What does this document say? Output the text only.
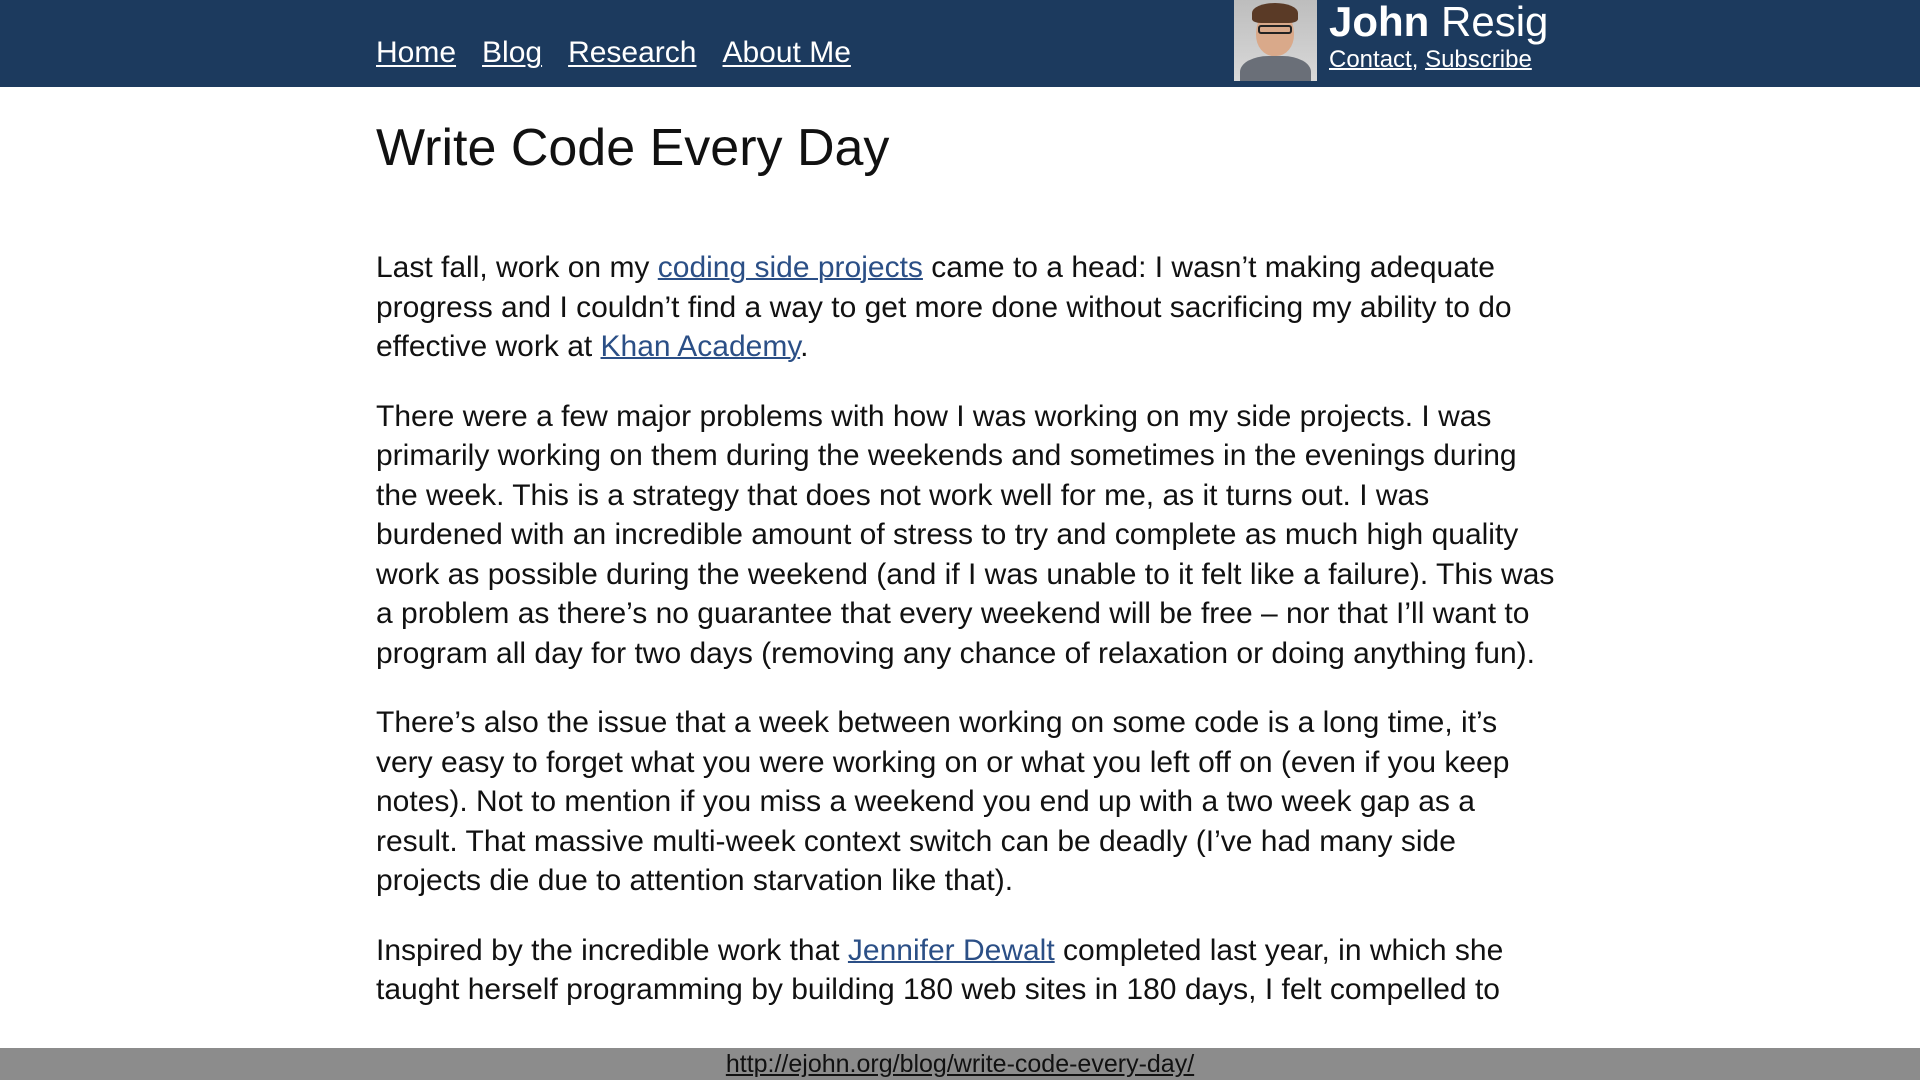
Home Blog Research About Me
John Resig
Contact, Subscribe
Write Code Every Day

Last fall, work on my coding side projects came to a head: I wasn’t making adequate progress and I couldn’t find a way to get more done without sacrificing my ability to do effective work at Khan Academy.

There were a few major problems with how I was working on my side projects. I was primarily working on them during the weekends and sometimes in the evenings during the week. This is a strategy that does not work well for me, as it turns out. I was burdened with an incredible amount of stress to try and complete as much high quality work as possible during the weekend (and if I was unable to it felt like a failure). This was a problem as there’s no guarantee that every weekend will be free – nor that I’ll want to program all day for two days (removing any chance of relaxation or doing anything fun).

There’s also the issue that a week between working on some code is a long time, it’s very easy to forget what you were working on or what you left off on (even if you keep notes). Not to mention if you miss a weekend you end up with a two week gap as a result. That massive multi-week context switch can be deadly (I’ve had many side projects die due to attention starvation like that).

Inspired by the incredible work that Jennifer Dewalt completed last year, in which she taught herself programming by building 180 web sites in 180 days, I felt compelled to

http://ejohn.org/blog/write-code-every-day/
